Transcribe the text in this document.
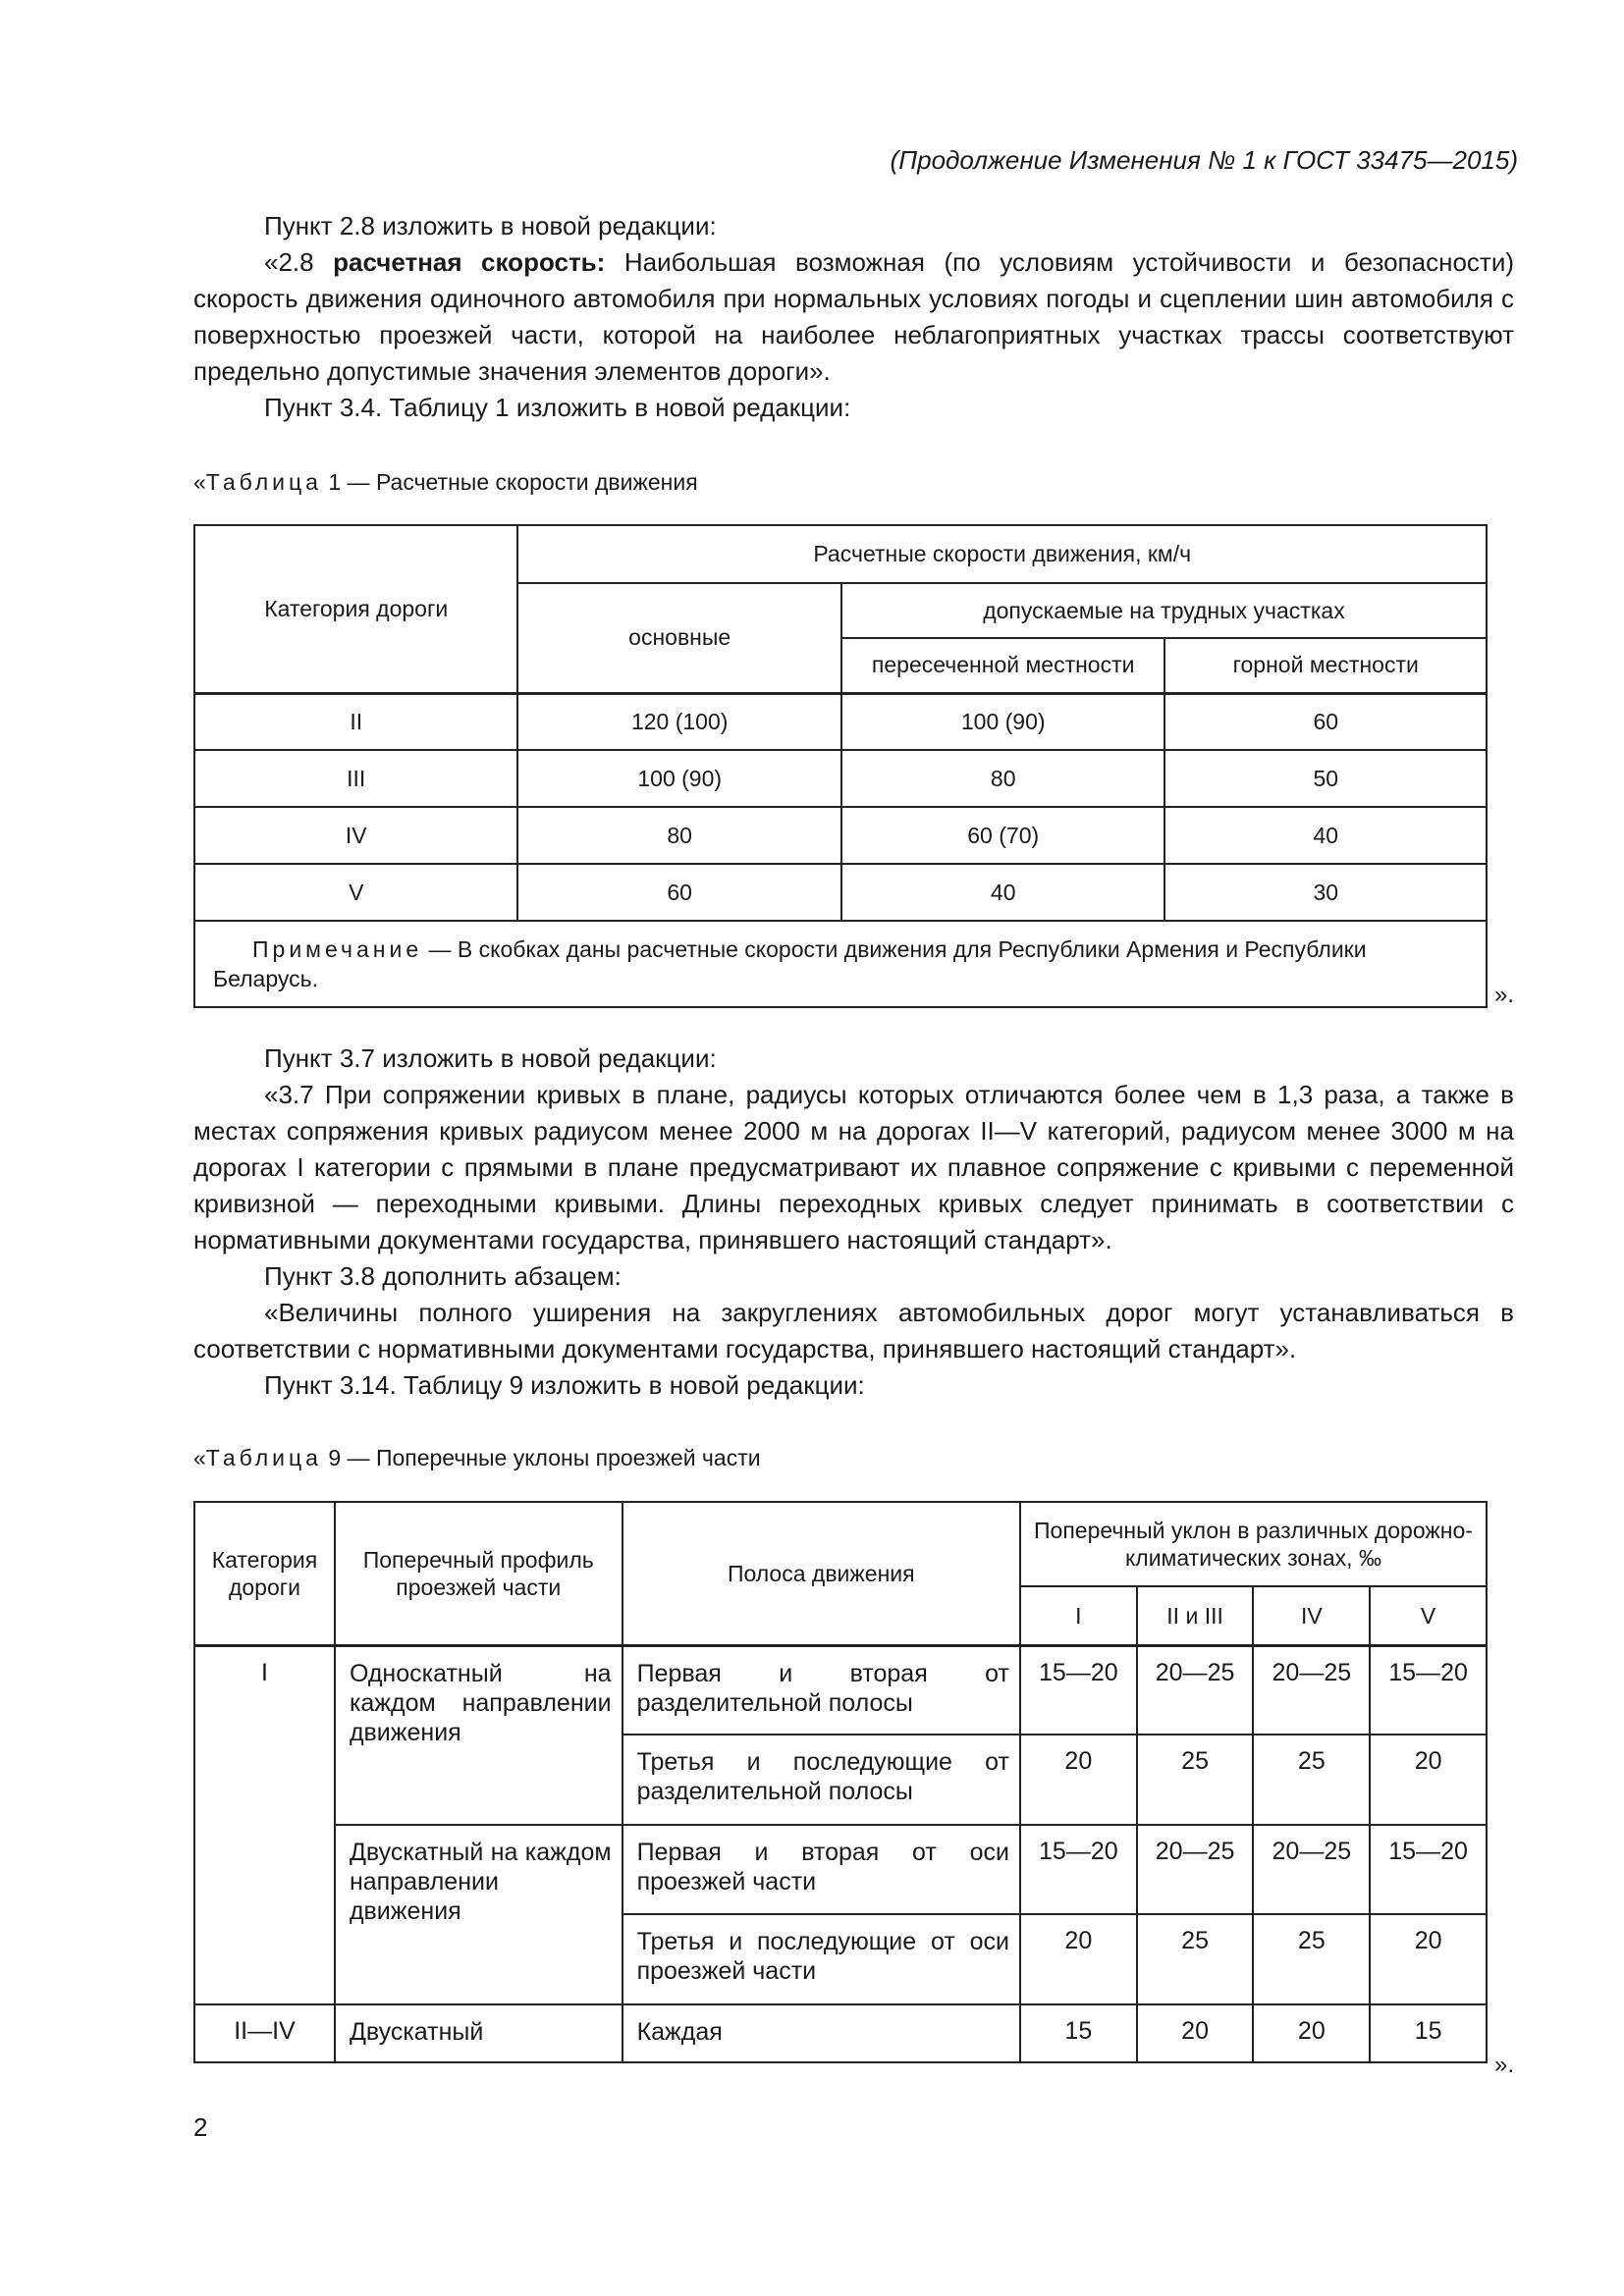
(Продолжение Изменения № 1 к ГОСТ 33475—2015)

Пункт 2.8 изложить в новой редакции:

«2.8 расчетная скорость: Наибольшая возможная (по условиям устойчивости и безопасности) скорость движения одиночного автомобиля при нормальных условиях погоды и сцеплении шин автомобиля с поверхностью проезжей части, которой на наиболее неблагоприятных участках трассы соответствуют предельно допустимые значения элементов дороги».

Пункт 3.4. Таблицу 1 изложить в новой редакции:

«Таблица 1 — Расчетные скорости движения
Категория дороги	Расчетные скорости движения, км/ч		
	основные	допускаемые на трудных участках	
		пересеченной местности	горной местности
II	120 (100)	100 (90)	60
III	100 (90)	80	50
IV	80	60 (70)	40
V	60	40	30
Примечание — В скобках даны расчетные скорости движения для Республики Армения и Республики Беларусь.			
».

Пункт 3.7 изложить в новой редакции:

«3.7 При сопряжении кривых в плане, радиусы которых отличаются более чем в 1,3 раза, а также в местах сопряжения кривых радиусом менее 2000 м на дорогах II—V категорий, радиусом менее 3000 м на дорогах I категории с прямыми в плане предусматривают их плавное сопряжение с кривыми с переменной кривизной — переходными кривыми. Длины переходных кривых следует принимать в соответствии с нормативными документами государства, принявшего настоящий стандарт».

Пункт 3.8 дополнить абзацем:

«Величины полного уширения на закруглениях автомобильных дорог могут устанавливаться в соответствии с нормативными документами государства, принявшего настоящий стандарт».

Пункт 3.14. Таблицу 9 изложить в новой редакции:

«Таблица 9 — Поперечные уклоны проезжей части
Категория дороги	Поперечный профиль проезжей части	Полоса движения	Поперечный уклон в различных дорожно-климатических зонах, ‰			
			I	II и III	IV	V
I	Односкатный на каждом направлении движения	Первая и вторая от разделительной полосы	15—20	20—25	20—25	15—20
		Третья и последующие от разделительной полосы	20	25	25	20
	Двускатный на каждом направлении движения	Первая и вторая от оси проезжей части	15—20	20—25	20—25	15—20
		Третья и последующие от оси проезжей части	20	25	25	20
II—IV	Двускатный	Каждая	15	20	20	15
».
2
